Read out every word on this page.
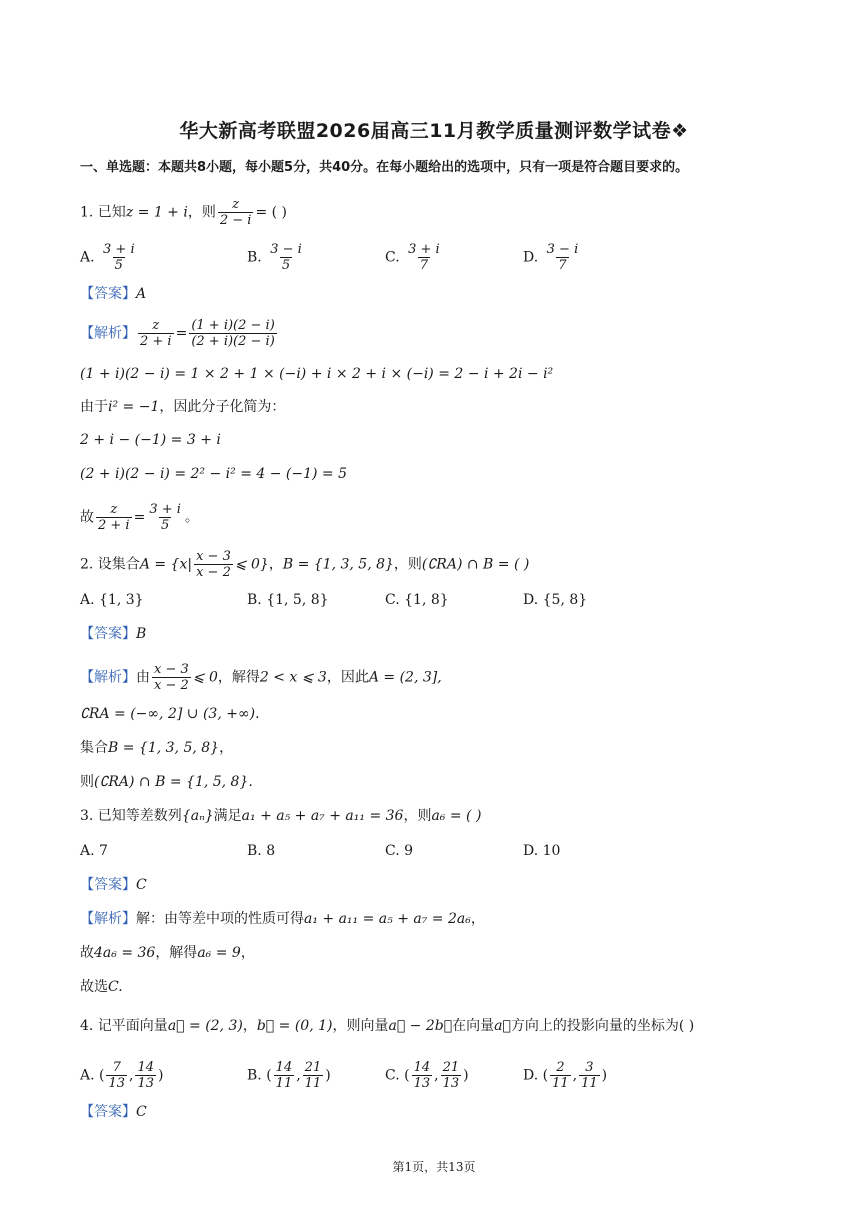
华大新高考联盟2026届高三11月教学质量测评数学试卷❖
一、单选题：本题共8小题，每小题5分，共40分。在每小题给出的选项中，只有一项是符合题目要求的。
1. 已知z = 1 + i，则 $\frac{z}{2 - i}$ = ( )
A. $\frac{3 + i}{5}$	B. $\frac{3 - i}{5}$	C. $\frac{3 + i}{7}$	D. $\frac{3 - i}{7}$
【答案】A
【解析】 $\frac{z}{2 + i} = \frac{(1 + i)(2 - i)}{(2 + i)(2 - i)}$
(1 + i)(2 − i) = 1 × 2 + 1 × (−i) + i × 2 + i × (−i) = 2 − i + 2i − i²
由于i² = −1，因此分子化简为：
2 + i − (−1) = 3 + i
(2 + i)(2 − i) = 2² − i² = 4 − (−1) = 5
故 $\frac{z}{2 + i} = \frac{3 + i}{5}$ 。
2. 设集合$A = \{x| \frac{x - 3}{x - 2}$ ⩽ 0}，B = {1, 3, 5, 8}，则(∁RA) ∩ B = ( )
A. {1, 3}	B. {1, 5, 8}	C. {1, 8}	D. {5, 8}
【答案】B
【解析】由 $\frac{x - 3}{x - 2}$ ⩽ 0，解得2 < x ⩽ 3，因此A = (2, 3],
∁RA = (−∞, 2] ∪ (3, +∞).
集合B = {1, 3, 5, 8}，
则(∁RA) ∩ B = {1, 5, 8}.
3. 已知等差数列{aₙ}满足a₁ + a₅ + a₇ + a₁₁ = 36，则a₆ = ( )
A. 7	B. 8	C. 9	D. 10
【答案】C
【解析】解：由等差中项的性质可得a₁ + a₁₁ = a₅ + a₇ = 2a₆，
故4a₆ = 36，解得a₆ = 9，
故选C.
4. 记平面向量a⃗ = (2, 3)，b⃗ = (0, 1)，则向量a⃗ − 2b⃗在向量a⃗方向上的投影向量的坐标为( )
A. ( $\frac{7}{13}$ , $\frac{14}{13}$ )	B. ( $\frac{14}{11}$ , $\frac{21}{11}$ )	C. ( $\frac{14}{13}$ , $\frac{21}{13}$ )	D. ( $\frac{2}{11}$ , $\frac{3}{11}$ )
【答案】C
第1页，共13页
